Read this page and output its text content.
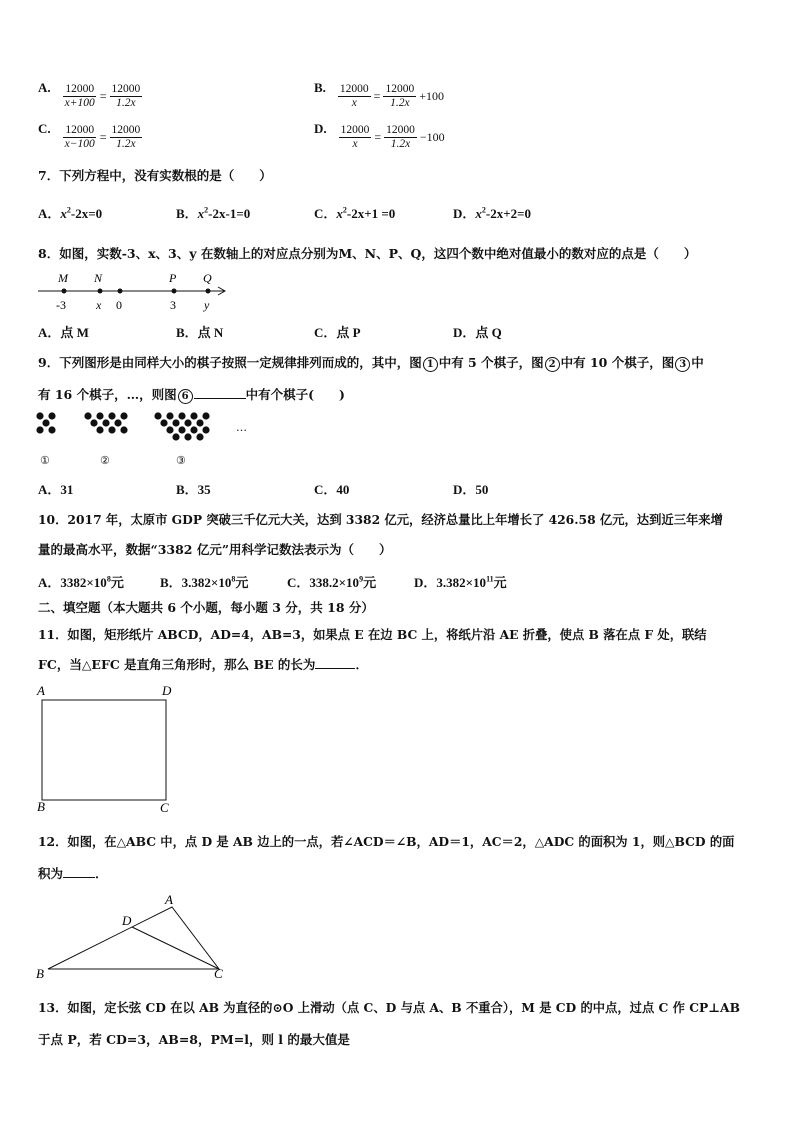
A. $\frac{12000}{x+100} = \frac{12000}{1.2x}$	B. $\frac{12000}{x} = \frac{12000}{1.2x} +100$
C. $\frac{12000}{x-100} = \frac{12000}{1.2x}$	D. $\frac{12000}{x} = \frac{12000}{1.2x} -100$
7．下列方程中，没有实数根的是（　　）
A．$x^2-2x=0$	B．$x^2-2x-1=0$	C．$x^2-2x+1 =0$	D．$x^2-2x+2=0$
8．如图，实数-3、x、3、y 在数轴上的对应点分别为M、N、P、Q，这四个数中绝对值最小的数对应的点是（　　）
M N	P Q
-3	x 0	3 y
A．点 M	B．点 N	C．点 P	D．点 Q
9．下列图形是由同样大小的棋子按照一定规律排列而成的，其中，图 1 中有 5 个棋子，图 2 中有 10 个棋子，图 3 中
有 16 个棋子，…，则图 6	中有个棋子(　　)
…
①	②	③
A．31	B．35	C．40	D．50
10．2017 年，太原市 GDP 突破三千亿元大关，达到 3382 亿元，经济总量比上年增长了 426.58 亿元，达到近三年来增
量的最高水平，数据“3382 亿元”用科学记数法表示为（　　）
A．$3382\times 10^8$元	B．$3.382\times 10^8$元	C．$338.2\times 10^9$元	D．$3.382\times 10^{11}$元
二、填空题（本大题共 6 个小题，每小题 3 分，共 18 分）
11．如图，矩形纸片 ABCD，AD=4，AB=3，如果点 E 在边 BC 上，将纸片沿 AE 折叠，使点 B 落在点 F 处，联结
FC，当△EFC 是直角三角形时，那么 BE 的长为	．
A	D
B	C
12．如图，在△ABC 中，点 D 是 AB 边上的一点，若∠ACD＝∠B，AD＝1，AC＝2，△ADC 的面积为 1，则△BCD 的面
积为	．
A
D
B	C
13．如图，定长弦 CD 在以 AB 为直径的⊙O 上滑动（点 C、D 与点 A、B 不重合），M 是 CD 的中点，过点 C 作 CP⊥AB
于点 P，若 CD=3，AB=8，PM=l，则 l 的最大值是
